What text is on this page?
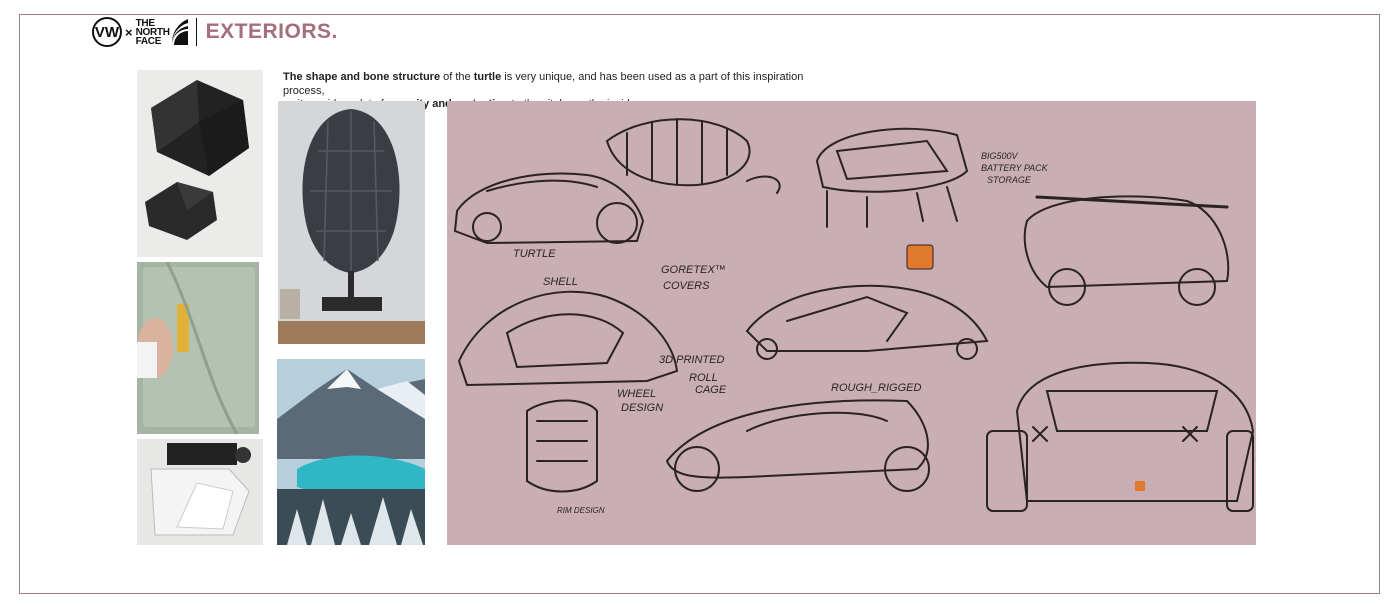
VW ×
THE
NORTH
FACE	EXTERIORS.
The shape and bone structure of the turtle is very unique, and has been used as a part of this inspiration process,
and
TURTLE
SHELL
GORETEX™
COVERS
3D PRINTED
WHEEL
DESIGN
ROLL
CAGE	ROUGH_RIGGED
BIG500V
BATTERY PACK
STORAGE
RIM DESIGN
